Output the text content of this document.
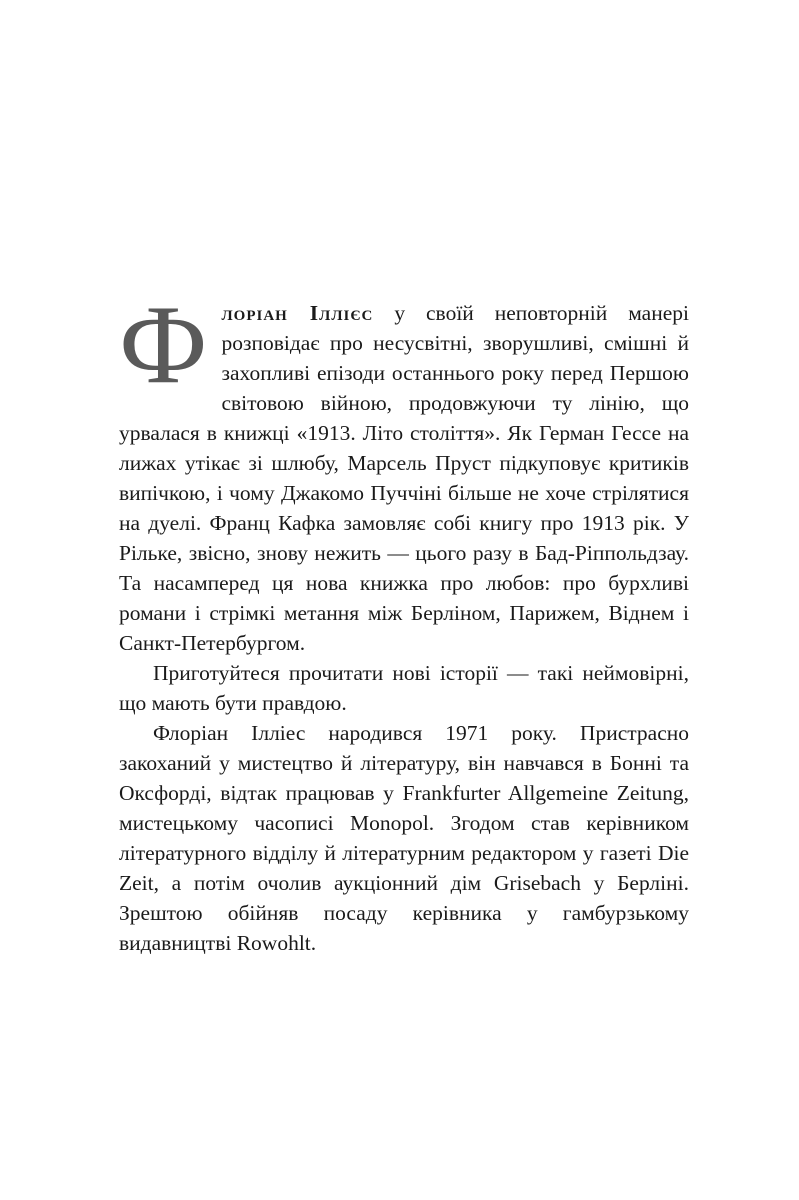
Флоріан Іллієс у своїй неповторній манері розповідає про несусвітні, зворушливі, смішні й захопливі епізоди останнього року перед Першою світовою війною, продовжуючи ту лінію, що урвалася в книжці «1913. Літо століття». Як Герман Гессе на лижах утікає зі шлюбу, Марсель Пруст підкуповує критиків випічкою, і чому Джакомо Пуччіні більше не хоче стрілятися на дуелі. Франц Кафка замовляє собі книгу про 1913 рік. У Рільке, звісно, знову нежить — цього разу в Бад-Ріппольдзау. Та насамперед ця нова книжка про любов: про бурхливі романи і стрімкі метання між Берліном, Парижем, Віднем і Санкт-Петербургом.

Приготуйтеся прочитати нові історії — такі неймовірні, що мають бути правдою.

Флоріан Ілліес народився 1971 року. Пристрасно закоханий у мистецтво й літературу, він навчався в Бонні та Оксфорді, відтак працював у Frankfurter Allgemeine Zeitung, мистецькому часописі Monopol. Згодом став керівником літературного відділу й літературним редактором у газеті Die Zeit, а потім очолив аукціонний дім Grisebach у Берліні. Зрештою обійняв посаду керівника у гамбурзькому видавництві Rowohlt.
